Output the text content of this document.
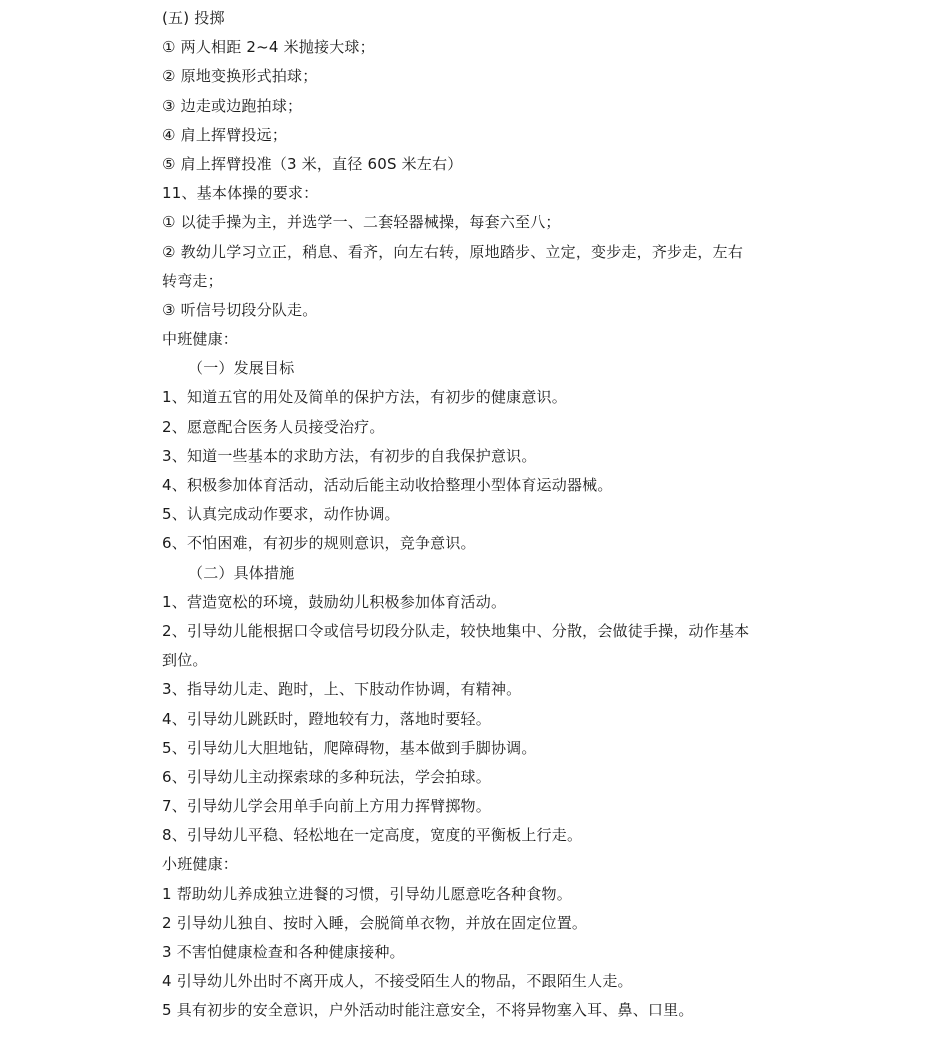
(五) 投掷
① 两人相距 2~4 米抛接大球；
② 原地变换形式拍球；
③ 边走或边跑拍球；
④ 肩上挥臂投远；
⑤ 肩上挥臂投准（3 米，直径 60S 米左右）
11、基本体操的要求：
① 以徒手操为主，并选学一、二套轻器械操，每套六至八；
② 教幼儿学习立正，稍息、看齐，向左右转，原地踏步、立定，变步走，齐步走，左右
转弯走；
③ 听信号切段分队走。
中班健康：
（一）发展目标
1、知道五官的用处及简单的保护方法，有初步的健康意识。
2、愿意配合医务人员接受治疗。
3、知道一些基本的求助方法，有初步的自我保护意识。
4、积极参加体育活动，活动后能主动收拾整理小型体育运动器械。
5、认真完成动作要求，动作协调。
6、不怕困难，有初步的规则意识，竞争意识。
（二）具体措施
1、营造宽松的环境，鼓励幼儿积极参加体育活动。
2、引导幼儿能根据口令或信号切段分队走，较快地集中、分散，会做徒手操，动作基本
到位。
3、指导幼儿走、跑时，上、下肢动作协调，有精神。
4、引导幼儿跳跃时，蹬地较有力，落地时要轻。
5、引导幼儿大胆地钻，爬障碍物，基本做到手脚协调。
6、引导幼儿主动探索球的多种玩法，学会拍球。
7、引导幼儿学会用单手向前上方用力挥臂掷物。
8、引导幼儿平稳、轻松地在一定高度，宽度的平衡板上行走。
小班健康：
1 帮助幼儿养成独立进餐的习惯，引导幼儿愿意吃各种食物。
2 引导幼儿独自、按时入睡，会脱简单衣物，并放在固定位置。
3 不害怕健康检查和各种健康接种。
4 引导幼儿外出时不离开成人，不接受陌生人的物品，不跟陌生人走。
5 具有初步的安全意识，户外活动时能注意安全，不将异物塞入耳、鼻、口里。
